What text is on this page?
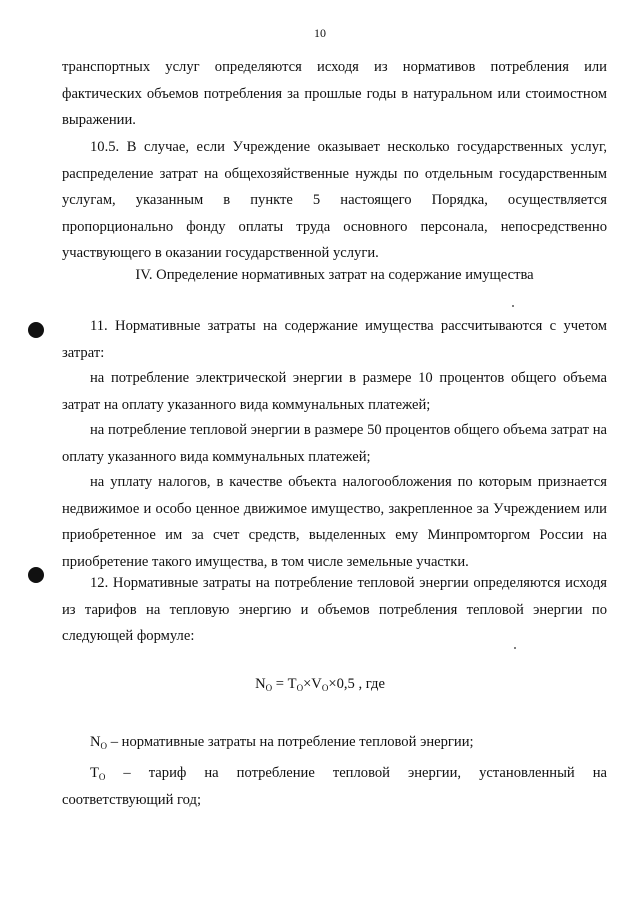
10
транспортных услуг определяются исходя из нормативов потребления или фактических объемов потребления за прошлые годы в натуральном или стоимостном выражении.
10.5. В случае, если Учреждение оказывает несколько государственных услуг, распределение затрат на общехозяйственные нужды по отдельным государственным услугам, указанным в пункте 5 настоящего Порядка, осуществляется пропорционально фонду оплаты труда основного персонала, непосредственно участвующего в оказании государственной услуги.
IV. Определение нормативных затрат на содержание имущества
11. Нормативные затраты на содержание имущества рассчитываются с учетом затрат:
на потребление электрической энергии в размере 10 процентов общего объема затрат на оплату указанного вида коммунальных платежей;
на потребление тепловой энергии в размере 50 процентов общего объема затрат на оплату указанного вида коммунальных платежей;
на уплату налогов, в качестве объекта налогообложения по которым признается недвижимое и особо ценное движимое имущество, закрепленное за Учреждением или приобретенное им за счет средств, выделенных ему Минпромторгом России на приобретение такого имущества, в том числе земельные участки.
12. Нормативные затраты на потребление тепловой энергии определяются исходя из тарифов на тепловую энергию и объемов потребления тепловой энергии по следующей формуле:
$N_О = Т_О\times V_О\times 0,5$ , где
$N_О$ – нормативные затраты на потребление тепловой энергии;
$Т_О$ – тариф на потребление тепловой энергии, установленный на
соответствующий год;
